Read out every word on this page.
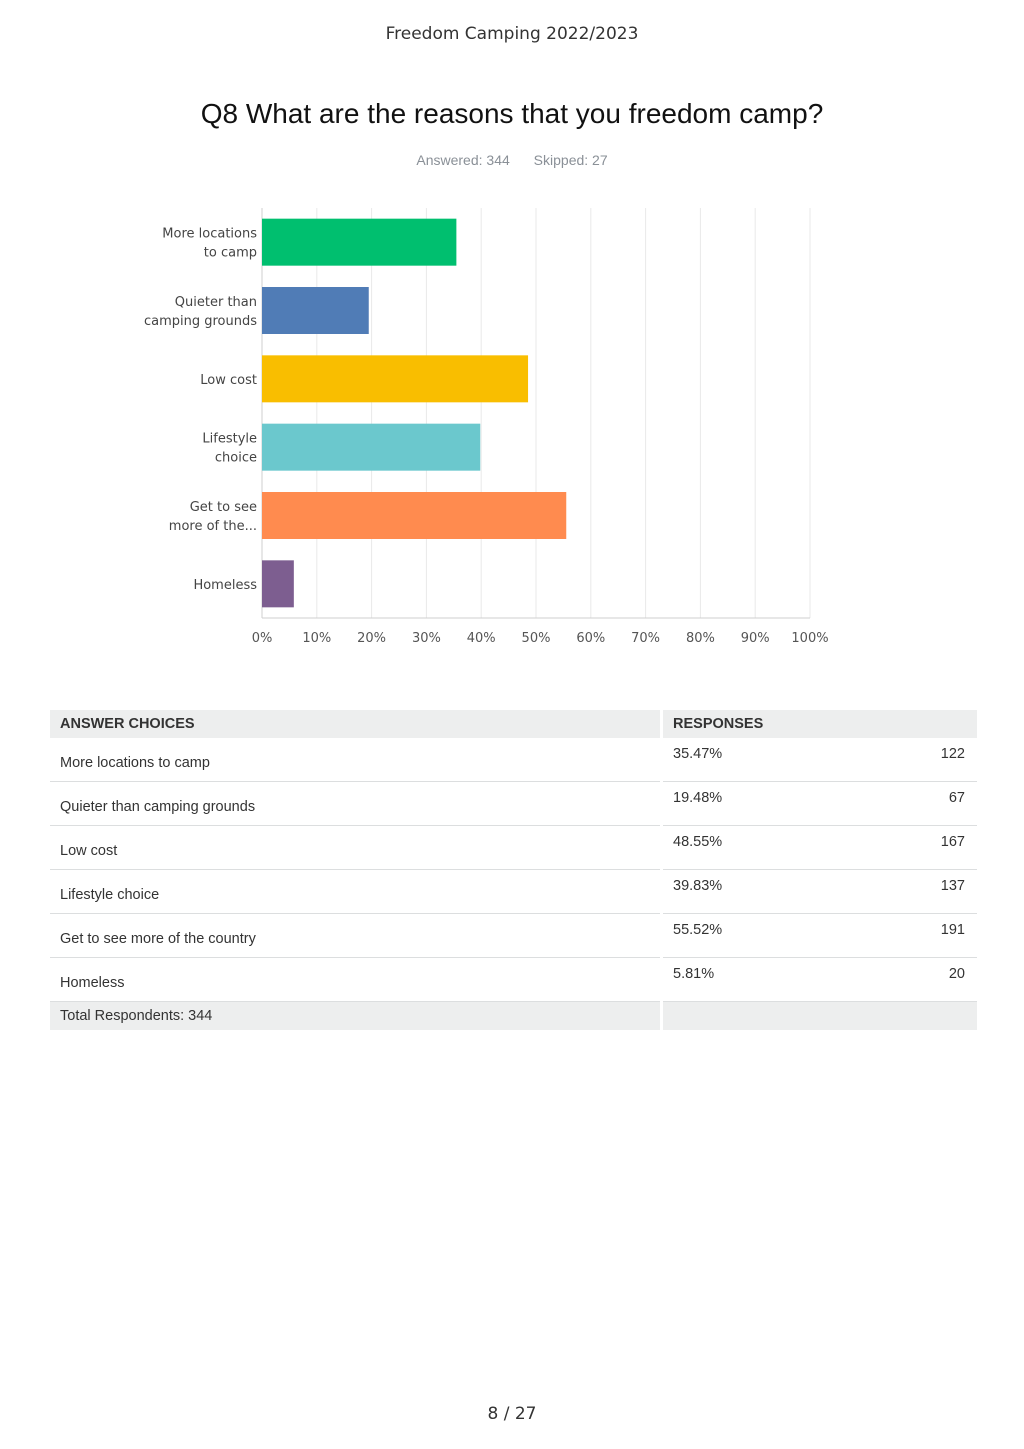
Freedom Camping 2022/2023
Q8 What are the reasons that you freedom camp?
Answered: 344 Skipped: 27
0% 10% 20% 30% 40% 50% 60% 70% 80% 90% 100%
More locations
to camp
Quieter than
camping grounds
Low cost
Lifestyle
choice
Get to see
more of the...
Homeless
ANSWER CHOICES	RESPONSES	
More locations to camp	35.47%	122
Quieter than camping grounds	19.48%	67
Low cost	48.55%	167
Lifestyle choice	39.83%	137
Get to see more of the country	55.52%	191
Homeless	5.81%	20
Total Respondents: 344		
8 / 27
